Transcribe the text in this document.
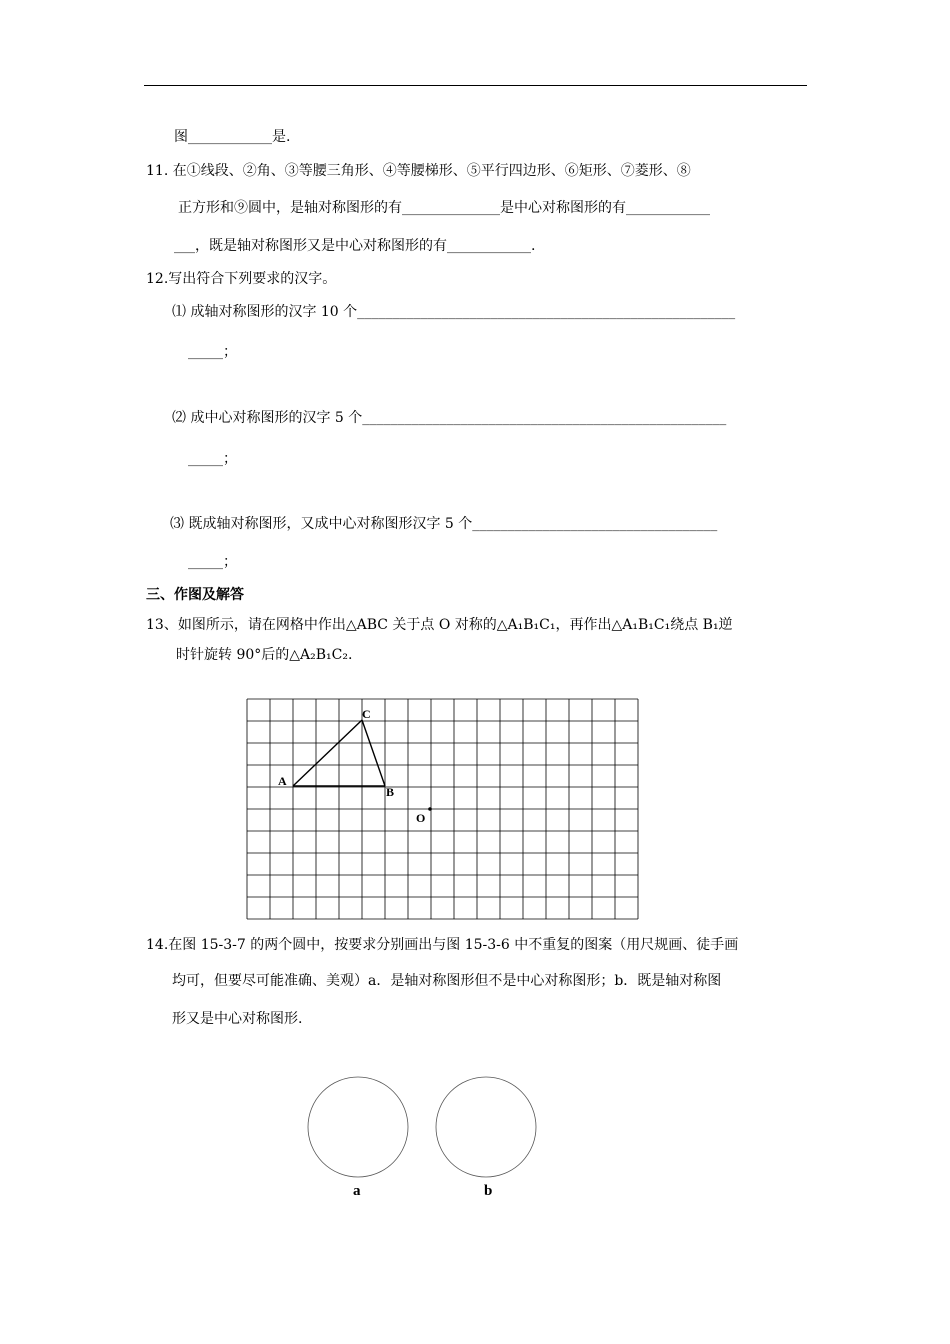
图____________是.
11. 在①线段、②角、③等腰三角形、④等腰梯形、⑤平行四边形、⑥矩形、⑦菱形、⑧
正方形和⑨圆中，是轴对称图形的有______________是中心对称图形的有____________
___，既是轴对称图形又是中心对称图形的有____________.
12.写出符合下列要求的汉字。
⑴ 成轴对称图形的汉字 10 个______________________________________________________
_____；
⑵ 成中心对称图形的汉字 5 个____________________________________________________
_____；
⑶ 既成轴对称图形，又成中心对称图形汉字 5 个___________________________________
_____；
三、作图及解答
13、如图所示，请在网格中作出△ABC 关于点 O 对称的△A₁B₁C₁，再作出△A₁B₁C₁绕点 B₁逆
时针旋转 90°后的△A₂B₁C₂.
A
B
C
O
14.在图 15-3-7 的两个圆中，按要求分别画出与图 15-3-6 中不重复的图案（用尺规画、徒手画
均可，但要尽可能准确、美观）a．是轴对称图形但不是中心对称图形；b．既是轴对称图
形又是中心对称图形.
a	b
